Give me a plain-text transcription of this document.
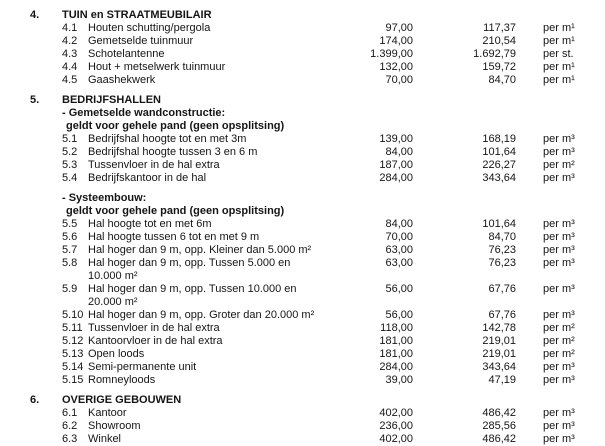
4.	TUIN en STRAATMEUBILAIR
4.1 Houten schutting/pergola	97,00	117,37	per m¹
4.2 Gemetselde tuinmuur	174,00	210,54	per m¹
4.3 Schotelantenne	1.399,00	1.692,79	per st.
4.4 Hout + metselwerk tuinmuur	132,00	159,72	per m¹
4.5 Gaashekwerk	70,00	84,70	per m¹
5.	BEDRIJFSHALLEN
- Gemetselde wandconstructie:
geldt voor gehele pand (geen opsplitsing)
5.1 Bedrijfshal hoogte tot en met 3m	139,00	168,19	per m³
5.2 Bedrijfshal hoogte tussen 3 en 6 m	84,00	101,64	per m³
5.3 Tussenvloer in de hal extra	187,00	226,27	per m²
5.4 Bedrijfskantoor in de hal	284,00	343,64	per m³
- Systeembouw:
geldt voor gehele pand (geen opsplitsing)
5.5 Hal hoogte tot en met 6m	84,00	101,64	per m³
5.6 Hal hoogte tussen 6 tot en met 9 m	70,00	84,70	per m³
5.7 Hal hoger dan 9 m, opp. Kleiner dan 5.000 m²	63,00	76,23	per m³
5.8 Hal hoger dan 9 m, opp. Tussen 5.000 en 10.000 m²
63,00	76,23	per m³
5.9 Hal hoger dan 9 m, opp. Tussen 10.000 en 20.000 m²
56,00	67,76	per m³
5.10 Hal hoger dan 9 m, opp. Groter dan 20.000 m²	56,00	67,76	per m³
5.11 Tussenvloer in de hal extra	118,00	142,78	per m²
5.12 Kantoorvloer in de hal extra	181,00	219,01	per m²
5.13 Open loods	181,00	219,01	per m²
5.14 Semi-permanente unit	284,00	343,64	per m³
5.15 Romneyloods	39,00	47,19	per m³
6.	OVERIGE GEBOUWEN
6.1 Kantoor	402,00	486,42	per m³
6.2 Showroom	236,00	285,56	per m³
6.3 Winkel	402,00	486,42	per m³
